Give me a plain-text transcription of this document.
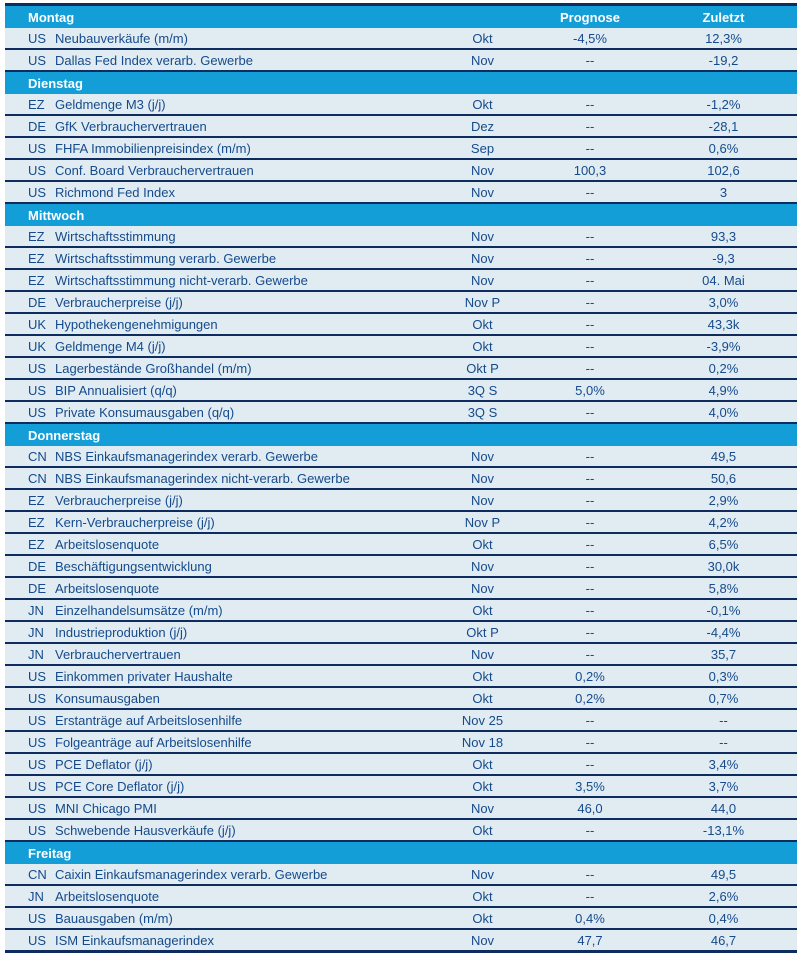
Montag	Prognose	Zuletzt
US Neubauverkäufe (m/m)	Okt	-4,5%	12,3%
US Dallas Fed Index verarb. Gewerbe	Nov	--	-19,2
Dienstag
EZ Geldmenge M3 (j/j)	Okt	--	-1,2%
DE GfK Verbrauchervertrauen	Dez	--	-28,1
US FHFA Immobilienpreisindex (m/m)	Sep	--	0,6%
US Conf. Board Verbrauchervertrauen	Nov	100,3	102,6
US Richmond Fed Index	Nov	--	3
Mittwoch
EZ Wirtschaftsstimmung	Nov	--	93,3
EZ Wirtschaftsstimmung verarb. Gewerbe	Nov	--	-9,3
EZ Wirtschaftsstimmung nicht-verarb. Gewerbe	Nov	--	04. Mai
DE Verbraucherpreise (j/j)	Nov P	--	3,0%
UK Hypothekengenehmigungen	Okt	--	43,3k
UK Geldmenge M4 (j/j)	Okt	--	-3,9%
US Lagerbestände Großhandel (m/m)	Okt P	--	0,2%
US BIP Annualisiert (q/q)	3Q S	5,0%	4,9%
US Private Konsumausgaben (q/q)	3Q S	--	4,0%
Donnerstag
CN NBS Einkaufsmanagerindex verarb. Gewerbe	Nov	--	49,5
CN NBS Einkaufsmanagerindex nicht-verarb. Gewerbe	Nov	--	50,6
EZ Verbraucherpreise (j/j)	Nov	--	2,9%
EZ Kern-Verbraucherpreise (j/j)	Nov P	--	4,2%
EZ Arbeitslosenquote	Okt	--	6,5%
DE Beschäftigungsentwicklung	Nov	--	30,0k
DE Arbeitslosenquote	Nov	--	5,8%
JN Einzelhandelsumsätze (m/m)	Okt	--	-0,1%
JN Industrieproduktion (j/j)	Okt P	--	-4,4%
JN Verbrauchervertrauen	Nov	--	35,7
US Einkommen privater Haushalte	Okt	0,2%	0,3%
US Konsumausgaben	Okt	0,2%	0,7%
US Erstanträge auf Arbeitslosenhilfe	Nov 25	--	--
US Folgeanträge auf Arbeitslosenhilfe	Nov 18	--	--
US PCE Deflator (j/j)	Okt	--	3,4%
US PCE Core Deflator (j/j)	Okt	3,5%	3,7%
US MNI Chicago PMI	Nov	46,0	44,0
US Schwebende Hausverkäufe (j/j)	Okt	--	-13,1%
Freitag
CN Caixin Einkaufsmanagerindex verarb. Gewerbe	Nov	--	49,5
JN Arbeitslosenquote	Okt	--	2,6%
US Bauausgaben (m/m)	Okt	0,4%	0,4%
US ISM Einkaufsmanagerindex	Nov	47,7	46,7
